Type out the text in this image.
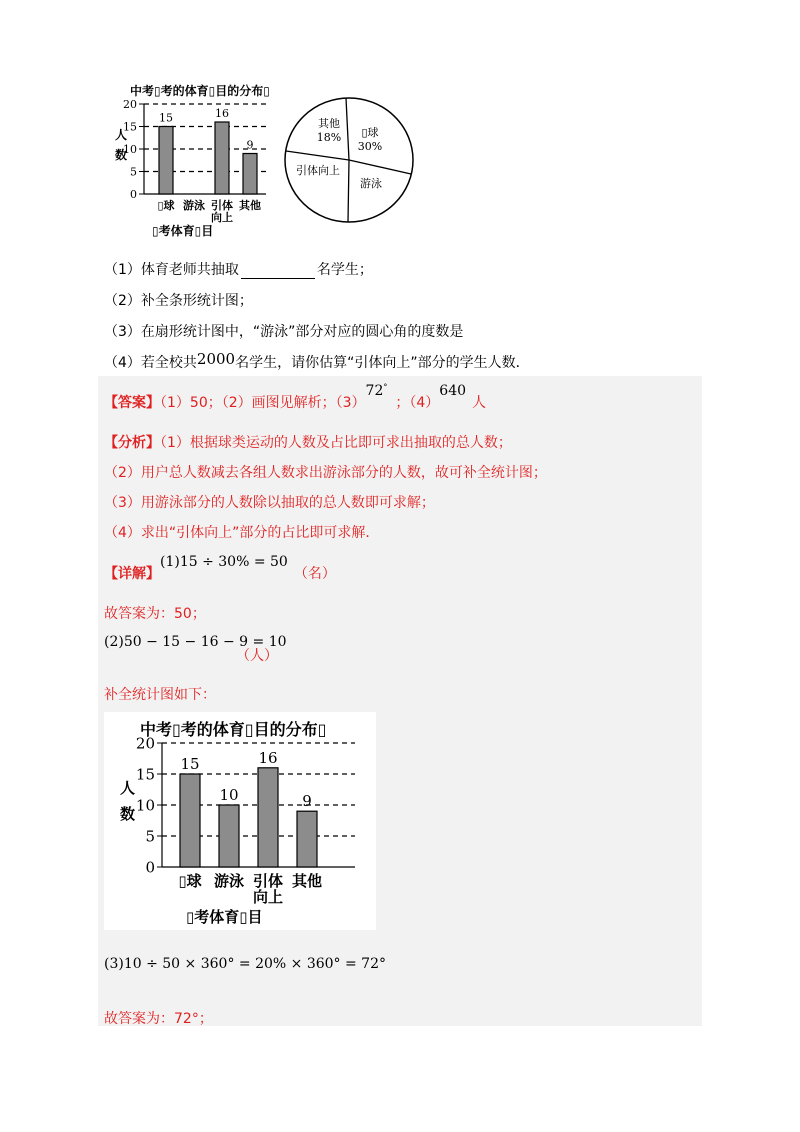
中考▯考的体育▯目的分布▯
0
5
10
15
20
15
▯球 游泳
16
引体
向上
9
其他
人
数
▯考体育▯目
其他
18% ▯球
30%
游泳
引体向上
（1）体育老师共抽取	名学生；
（2）补全条形统计图；
（3）在扇形统计图中，“游泳”部分对应的圆心角的度数是
（4）若全校共2000名学生，请你估算“引体向上”部分的学生人数．
【答案】（1）50；（2）画图见解析；（3）72°；（4）640人
【分析】（1）根据球类运动的人数及占比即可求出抽取的总人数；
（2）用户总人数减去各组人数求出游泳部分的人数，故可补全统计图；
（3）用游泳部分的人数除以抽取的总人数即可求解；
（4）求出“引体向上”部分的占比即可求解．
【详解】(1)15 ÷ 30% = 50（名）
故答案为：50；
(2)50 − 15 − 16 − 9 = 10
（人）
补全统计图如下：
中考▯考的体育▯目的分布▯
0
5
10
15
20
15
▯球
10
游泳
16
引体
向上
9
其他
人
数
▯考体育▯目
(3)10 ÷ 50 × 360° = 20% × 360° = 72°
故答案为：72°；
